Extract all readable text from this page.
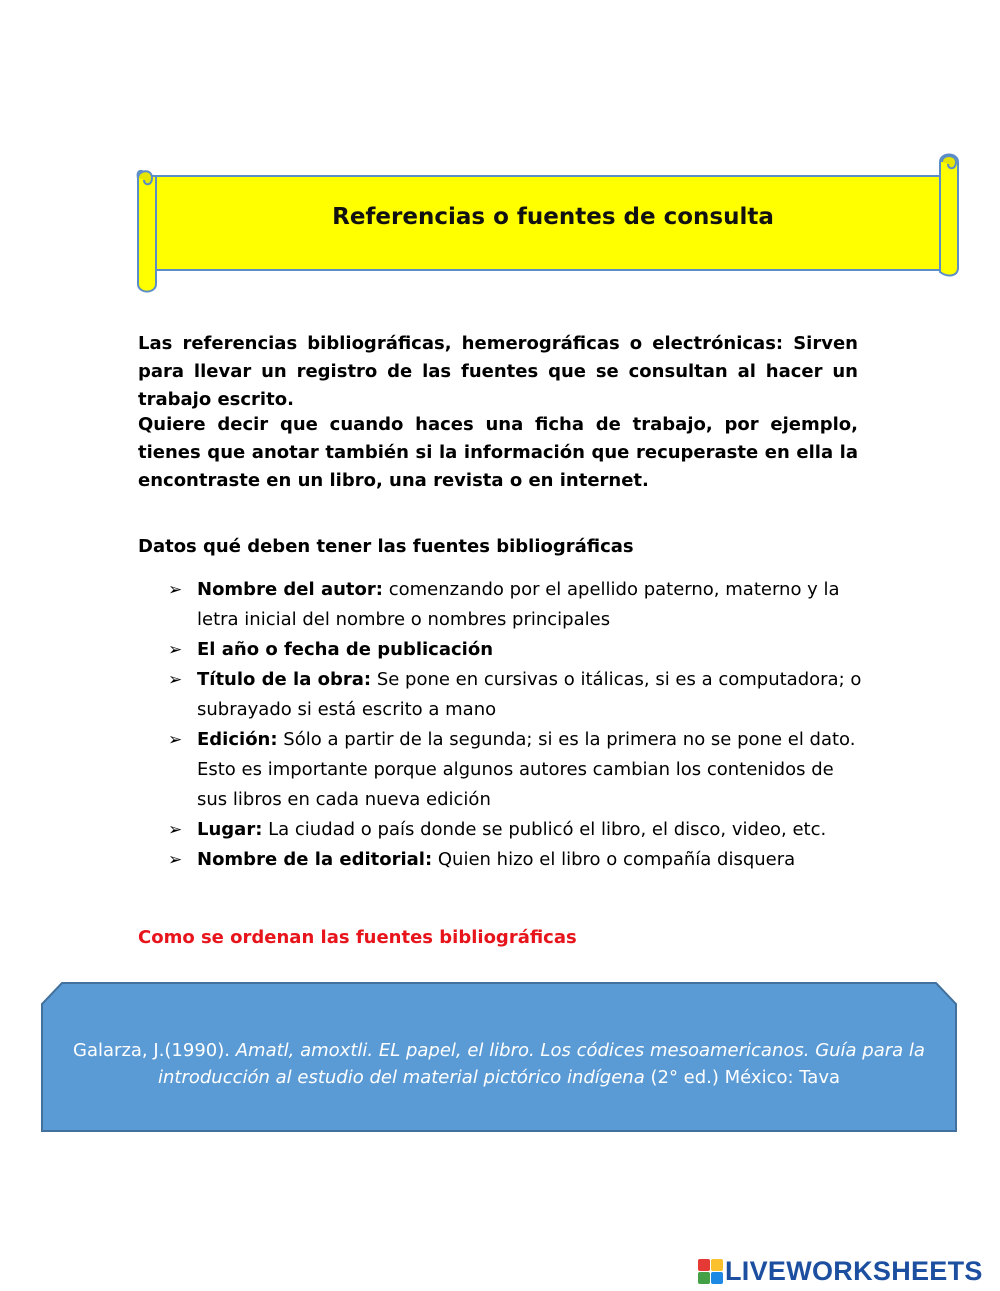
Referencias o fuentes de consulta

Las referencias bibliográficas, hemerográficas o electrónicas: Sirven para llevar un registro de las fuentes que se consultan al hacer un trabajo escrito.

Quiere decir que cuando haces una ficha de trabajo, por ejemplo, tienes que anotar también si la información que recuperaste en ella la encontraste en un libro, una revista o en internet.

Datos qué deben tener las fuentes bibliográficas

➢ Nombre del autor: comenzando por el apellido paterno, materno y la letra inicial del nombre o nombres principales
➢ El año o fecha de publicación
➢ Título de la obra: Se pone en cursivas o itálicas, si es a computadora; o subrayado si está escrito a mano
➢ Edición: Sólo a partir de la segunda; si es la primera no se pone el dato. Esto es importante porque algunos autores cambian los contenidos de sus libros en cada nueva edición
➢ Lugar: La ciudad o país donde se publicó el libro, el disco, video, etc.
➢ Nombre de la editorial: Quien hizo el libro o compañía disquera

Como se ordenan las fuentes bibliográficas

Galarza, J.(1990). Amatl, amoxtli. EL papel, el libro. Los códices mesoamericanos. Guía para la introducción al estudio del material pictórico indígena (2° ed.) México: Tava
LIVEWORKSHEETS
